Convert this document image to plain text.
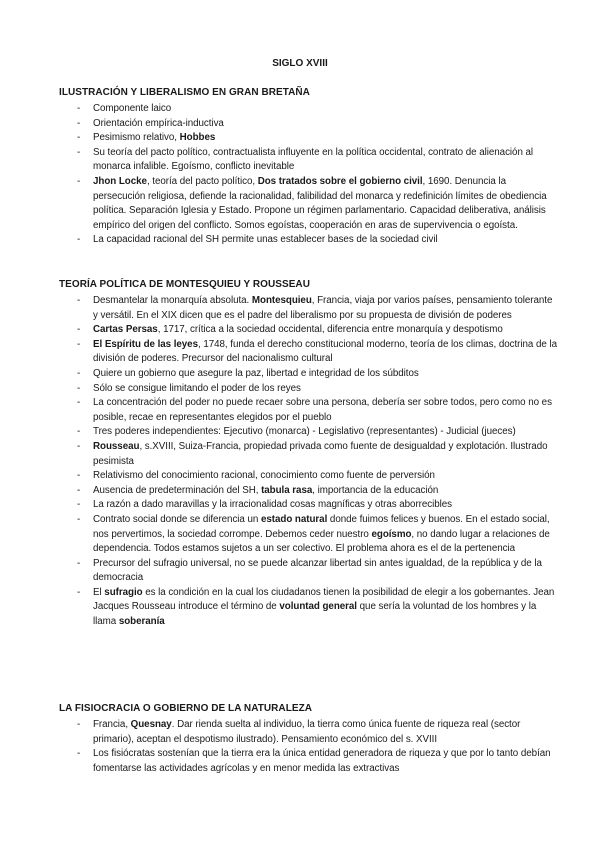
SIGLO XVIII
ILUSTRACIÓN Y LIBERALISMO EN GRAN BRETAÑA
- Componente laico
- Orientación empírica-inductiva
- Pesimismo relativo, Hobbes
- Su teoría del pacto político, contractualista influyente en la política occidental, contrato de alienación al monarca infalible. Egoísmo, conflicto inevitable
- Jhon Locke, teoría del pacto político, Dos tratados sobre el gobierno civil, 1690. Denuncia la persecución religiosa, defiende la racionalidad, falibilidad del monarca y redefinición límites de obediencia política. Separación Iglesia y Estado. Propone un régimen parlamentario. Capacidad deliberativa, análisis empírico del origen del conflicto. Somos egoístas, cooperación en aras de supervivencia o egoísta.
- La capacidad racional del SH permite unas establecer bases de la sociedad civil
TEORÍA POLÍTICA DE MONTESQUIEU Y ROUSSEAU
- Desmantelar la monarquía absoluta. Montesquieu, Francia, viaja por varios países, pensamiento tolerante y versátil. En el XIX dicen que es el padre del liberalismo por su propuesta de división de poderes
- Cartas Persas, 1717, crítica a la sociedad occidental, diferencia entre monarquía y despotismo
- El Espíritu de las leyes, 1748, funda el derecho constitucional moderno, teoría de los climas, doctrina de la división de poderes. Precursor del nacionalismo cultural
- Quiere un gobierno que asegure la paz, libertad e integridad de los súbditos
- Sólo se consigue limitando el poder de los reyes
- La concentración del poder no puede recaer sobre una persona, debería ser sobre todos, pero como no es posible, recae en representantes elegidos por el pueblo
- Tres poderes independientes: Ejecutivo (monarca) - Legislativo (representantes) - Judicial (jueces)
- Rousseau, s.XVIII, Suiza-Francia, propiedad privada como fuente de desigualdad y explotación. Ilustrado pesimista
- Relativismo del conocimiento racional, conocimiento como fuente de perversión
- Ausencia de predeterminación del SH, tabula rasa, importancia de la educación
- La razón a dado maravillas y la irracionalidad cosas magníficas y otras aborrecibles
- Contrato social donde se diferencia un estado natural donde fuimos felices y buenos. En el estado social, nos pervertimos, la sociedad corrompe. Debemos ceder nuestro egoísmo, no dando lugar a relaciones de dependencia. Todos estamos sujetos a un ser colectivo. El problema ahora es el de la pertenencia
- Precursor del sufragio universal, no se puede alcanzar libertad sin antes igualdad, de la república y de la democracia
- El sufragio es la condición en la cual los ciudadanos tienen la posibilidad de elegir a los gobernantes. Jean Jacques Rousseau introduce el término de voluntad general que sería la voluntad de los hombres y la llama soberanía
LA FISIOCRACIA O GOBIERNO DE LA NATURALEZA
- Francia, Quesnay. Dar rienda suelta al individuo, la tierra como única fuente de riqueza real (sector primario), aceptan el despotismo ilustrado). Pensamiento económico del s. XVIII
- Los fisiócratas sostenían que la tierra era la única entidad generadora de riqueza y que por lo tanto debían fomentarse las actividades agrícolas y en menor medida las extractivas
